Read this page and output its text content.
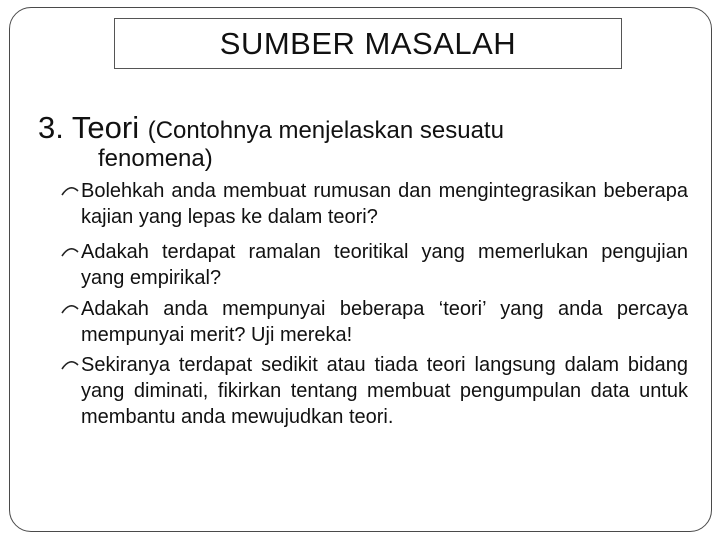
SUMBER MASALAH
3. Teori (Contohnya menjelaskan sesuatu
fenomena)
Bolehkah anda membuat rumusan dan mengintegrasikan beberapa kajian yang lepas ke dalam teori?
Adakah terdapat ramalan teoritikal yang memerlukan pengujian yang empirikal?
Adakah anda mempunyai beberapa ‘teori’ yang anda percaya mempunyai merit? Uji mereka!
Sekiranya terdapat sedikit atau tiada teori langsung dalam bidang yang diminati, fikirkan tentang membuat pengumpulan data untuk membantu anda mewujudkan teori.
